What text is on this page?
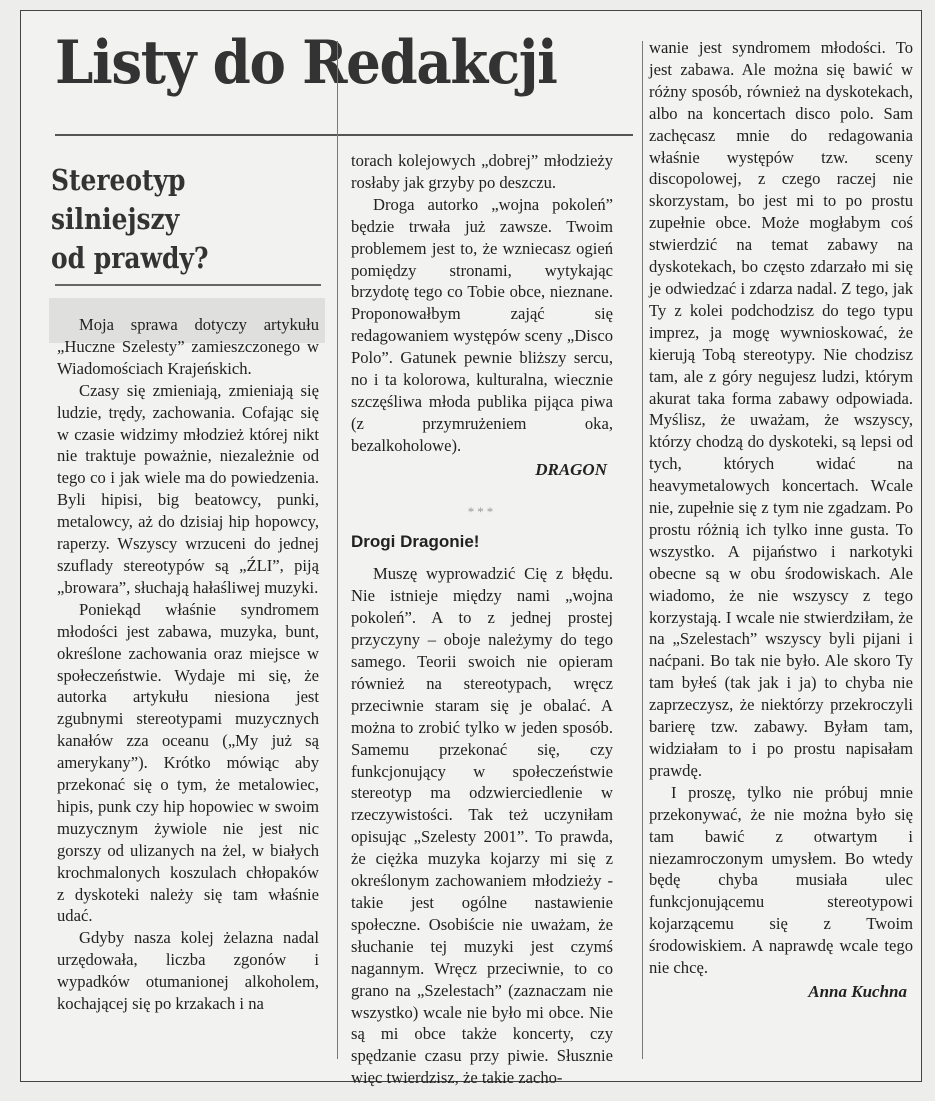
Listy do Redakcji
Stereotyp
silniejszy
od prawdy?

Moja sprawa dotyczy artykułu „Huczne Szelesty” zamieszczonego w Wiadomościach Krajeńskich.

Czasy się zmieniają, zmieniają się ludzie, trędy, zachowania. Cofając się w czasie widzimy młodzież której nikt nie traktuje poważnie, niezależnie od tego co i jak wiele ma do powiedzenia. Byli hipisi, big beatowcy, punki, metalowcy, aż do dzisiaj hip hopowcy, raperzy. Wszyscy wrzuceni do jednej szuflady stereotypów są „ŹLI”, piją „browara”, słuchają hałaśliwej muzyki.

Poniekąd właśnie syndromem młodości jest zabawa, muzyka, bunt, określone zachowania oraz miejsce w społeczeństwie. Wydaje mi się, że autorka artykułu niesiona jest zgubnymi stereotypami muzycznych kanałów zza oceanu („My już są amerykany”). Krótko mówiąc aby przekonać się o tym, że metalowiec, hipis, punk czy hip hopowiec w swoim muzycznym żywiole nie jest nic gorszy od ulizanych na żel, w białych krochmalonych koszulach chłopaków z dyskoteki należy się tam właśnie udać.

Gdyby nasza kolej żelazna nadal urzędowała, liczba zgonów i wypadków otumanionej alkoholem, kochającej się po krzakach i na

torach kolejowych „dobrej” młodzieży rosłaby jak grzyby po deszczu.

Droga autorko „wojna pokoleń” będzie trwała już zawsze. Twoim problemem jest to, że wzniecasz ogień pomiędzy stronami, wytykając brzydotę tego co Tobie obce, nieznane. Proponowałbym zająć się redagowaniem występów sceny „Disco Polo”. Gatunek pewnie bliższy sercu, no i ta kolorowa, kulturalna, wiecznie szczęśliwa młoda publika pijąca piwa (z przymrużeniem oka, bezalkoholowe).

DRAGON
***
Drogi Dragonie!

Muszę wyprowadzić Cię z błędu. Nie istnieje między nami „wojna pokoleń”. A to z jednej prostej przyczyny – oboje należymy do tego samego. Teorii swoich nie opieram również na stereotypach, wręcz przeciwnie staram się je obalać. A można to zrobić tylko w jeden sposób. Samemu przekonać się, czy funkcjonujący w społeczeństwie stereotyp ma odzwierciedlenie w rzeczywistości. Tak też uczyniłam opisując „Szelesty 2001”. To prawda, że ciężka muzyka kojarzy mi się z określonym zachowaniem młodzieży - takie jest ogólne nastawienie społeczne. Osobiście nie uważam, że słuchanie tej muzyki jest czymś nagannym. Wręcz przeciwnie, to co grano na „Szelestach” (zaznaczam nie wszystko) wcale nie było mi obce. Nie są mi obce także koncerty, czy spędzanie czasu przy piwie. Słusznie więc twierdzisz, że takie zacho-

wanie jest syndromem młodości. To jest zabawa. Ale można się bawić w różny sposób, również na dyskotekach, albo na koncertach disco polo. Sam zachęcasz mnie do redagowania właśnie występów tzw. sceny discopolowej, z czego raczej nie skorzystam, bo jest mi to po prostu zupełnie obce. Może mogłabym coś stwierdzić na temat zabawy na dyskotekach, bo często zdarzało mi się je odwiedzać i zdarza nadal. Z tego, jak Ty z kolei podchodzisz do tego typu imprez, ja mogę wywnioskować, że kierują Tobą stereotypy. Nie chodzisz tam, ale z góry negujesz ludzi, którym akurat taka forma zabawy odpowiada. Myślisz, że uważam, że wszyscy, którzy chodzą do dyskoteki, są lepsi od tych, których widać na heavymetalowych koncertach. Wcale nie, zupełnie się z tym nie zgadzam. Po prostu różnią ich tylko inne gusta. To wszystko. A pijaństwo i narkotyki obecne są w obu środowiskach. Ale wiadomo, że nie wszyscy z tego korzystają. I wcale nie stwierdziłam, że na „Szelestach” wszyscy byli pijani i naćpani. Bo tak nie było. Ale skoro Ty tam byłeś (tak jak i ja) to chyba nie zaprzeczysz, że niektórzy przekroczyli barierę tzw. zabawy. Byłam tam, widziałam to i po prostu napisałam prawdę.

I proszę, tylko nie próbuj mnie przekonywać, że nie można było się tam bawić z otwartym i niezamroczonym umysłem. Bo wtedy będę chyba musiała ulec funkcjonującemu stereotypowi kojarzącemu się z Twoim środowiskiem. A naprawdę wcale tego nie chcę.

Anna Kuchna
